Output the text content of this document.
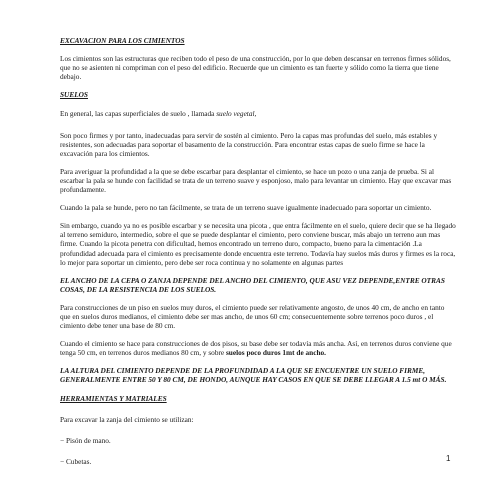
EXCAVACION PARA LOS CIMIENTOS

Los cimientos son las estructuras que reciben todo el peso de una construcción, por lo que deben descansar en terrenos firmes sólidos, que no se asienten ni compriman con el peso del edificio. Recuerde que un cimiento es tan fuerte y sólido como la tierra que tiene debajo.

SUELOS

En general, las capas superficiales de suelo , llamada suelo vegetal,

Son poco firmes y por tanto, inadecuadas para servir de sostén al cimiento. Pero la capas mas profundas del suelo, más estables y resistentes, son adecuadas para soportar el basamento de la construcción. Para encontrar estas capas de suelo firme se hace la excavación para los cimientos.

Para averiguar la profundidad a la que se debe escarbar para desplantar el cimiento, se hace un pozo o una zanja de prueba. Si al escarbar la pala se hunde con facilidad se trata de un terreno suave y esponjoso, malo para levantar un cimiento. Hay que excavar mas profundamente.

Cuando la pala se hunde, pero no tan fácilmente, se trata de un terreno suave igualmente inadecuado para soportar un cimiento.

Sin embargo, cuando ya no es posible escarbar y se necesita una picota , que entra fácilmente en el suelo, quiere decir que se ha llegado al terreno semiduro, intermedio, sobre el que se puede desplantar el cimiento, pero conviene buscar, más abajo un terreno aun mas firme. Cuando la picota penetra con dificultad, hemos encontrado un terreno duro, compacto, bueno para la cimentación .La profundidad adecuada para el cimiento es precisamente donde encuentra este terreno. Todavía hay suelos más duros y firmes es la roca, lo mejor para soportar un cimiento, pero debe ser roca continua y no solamente en algunas partes

EL ANCHO DE LA CEPA O ZANJA DEPENDE DEL ANCHO DEL CIMIENTO, QUE ASU VEZ DEPENDE,ENTRE OTRAS COSAS, DE LA RESISTENCIA DE LOS SUELOS.

Para construcciones de un piso en suelos muy duros, el cimiento puede ser relativamente angosto, de unos 40 cm, de ancho en tanto que en suelos duros medianos, el cimiento debe ser mas ancho, de unos 60 cm; consecuentemente sobre terrenos poco duros , el cimiento debe tener una base de 80 cm.

Cuando el cimiento se hace para construcciones de dos pisos, su base debe ser todavía más ancha. Así, en terrenos duros conviene que tenga 50 cm, en terrenos duros medianos 80 cm, y sobre suelos poco duros 1mt de ancho.

LA ALTURA DEL CIMIENTO DEPENDE DE LA PROFUNDIDAD A LA QUE SE ENCUENTRE UN SUELO FIRME, GENERALMENTE ENTRE 50 Y 80 CM, DE HONDO, AUNQUE HAY CASOS EN QUE SE DEBE LLEGAR A 1.5 mt O MÁS.

HERRAMIENTAS Y MATRIALES

Para excavar la zanja del cimiento se utilizan:

− Pisón de mano.

− Cubetas.	1
